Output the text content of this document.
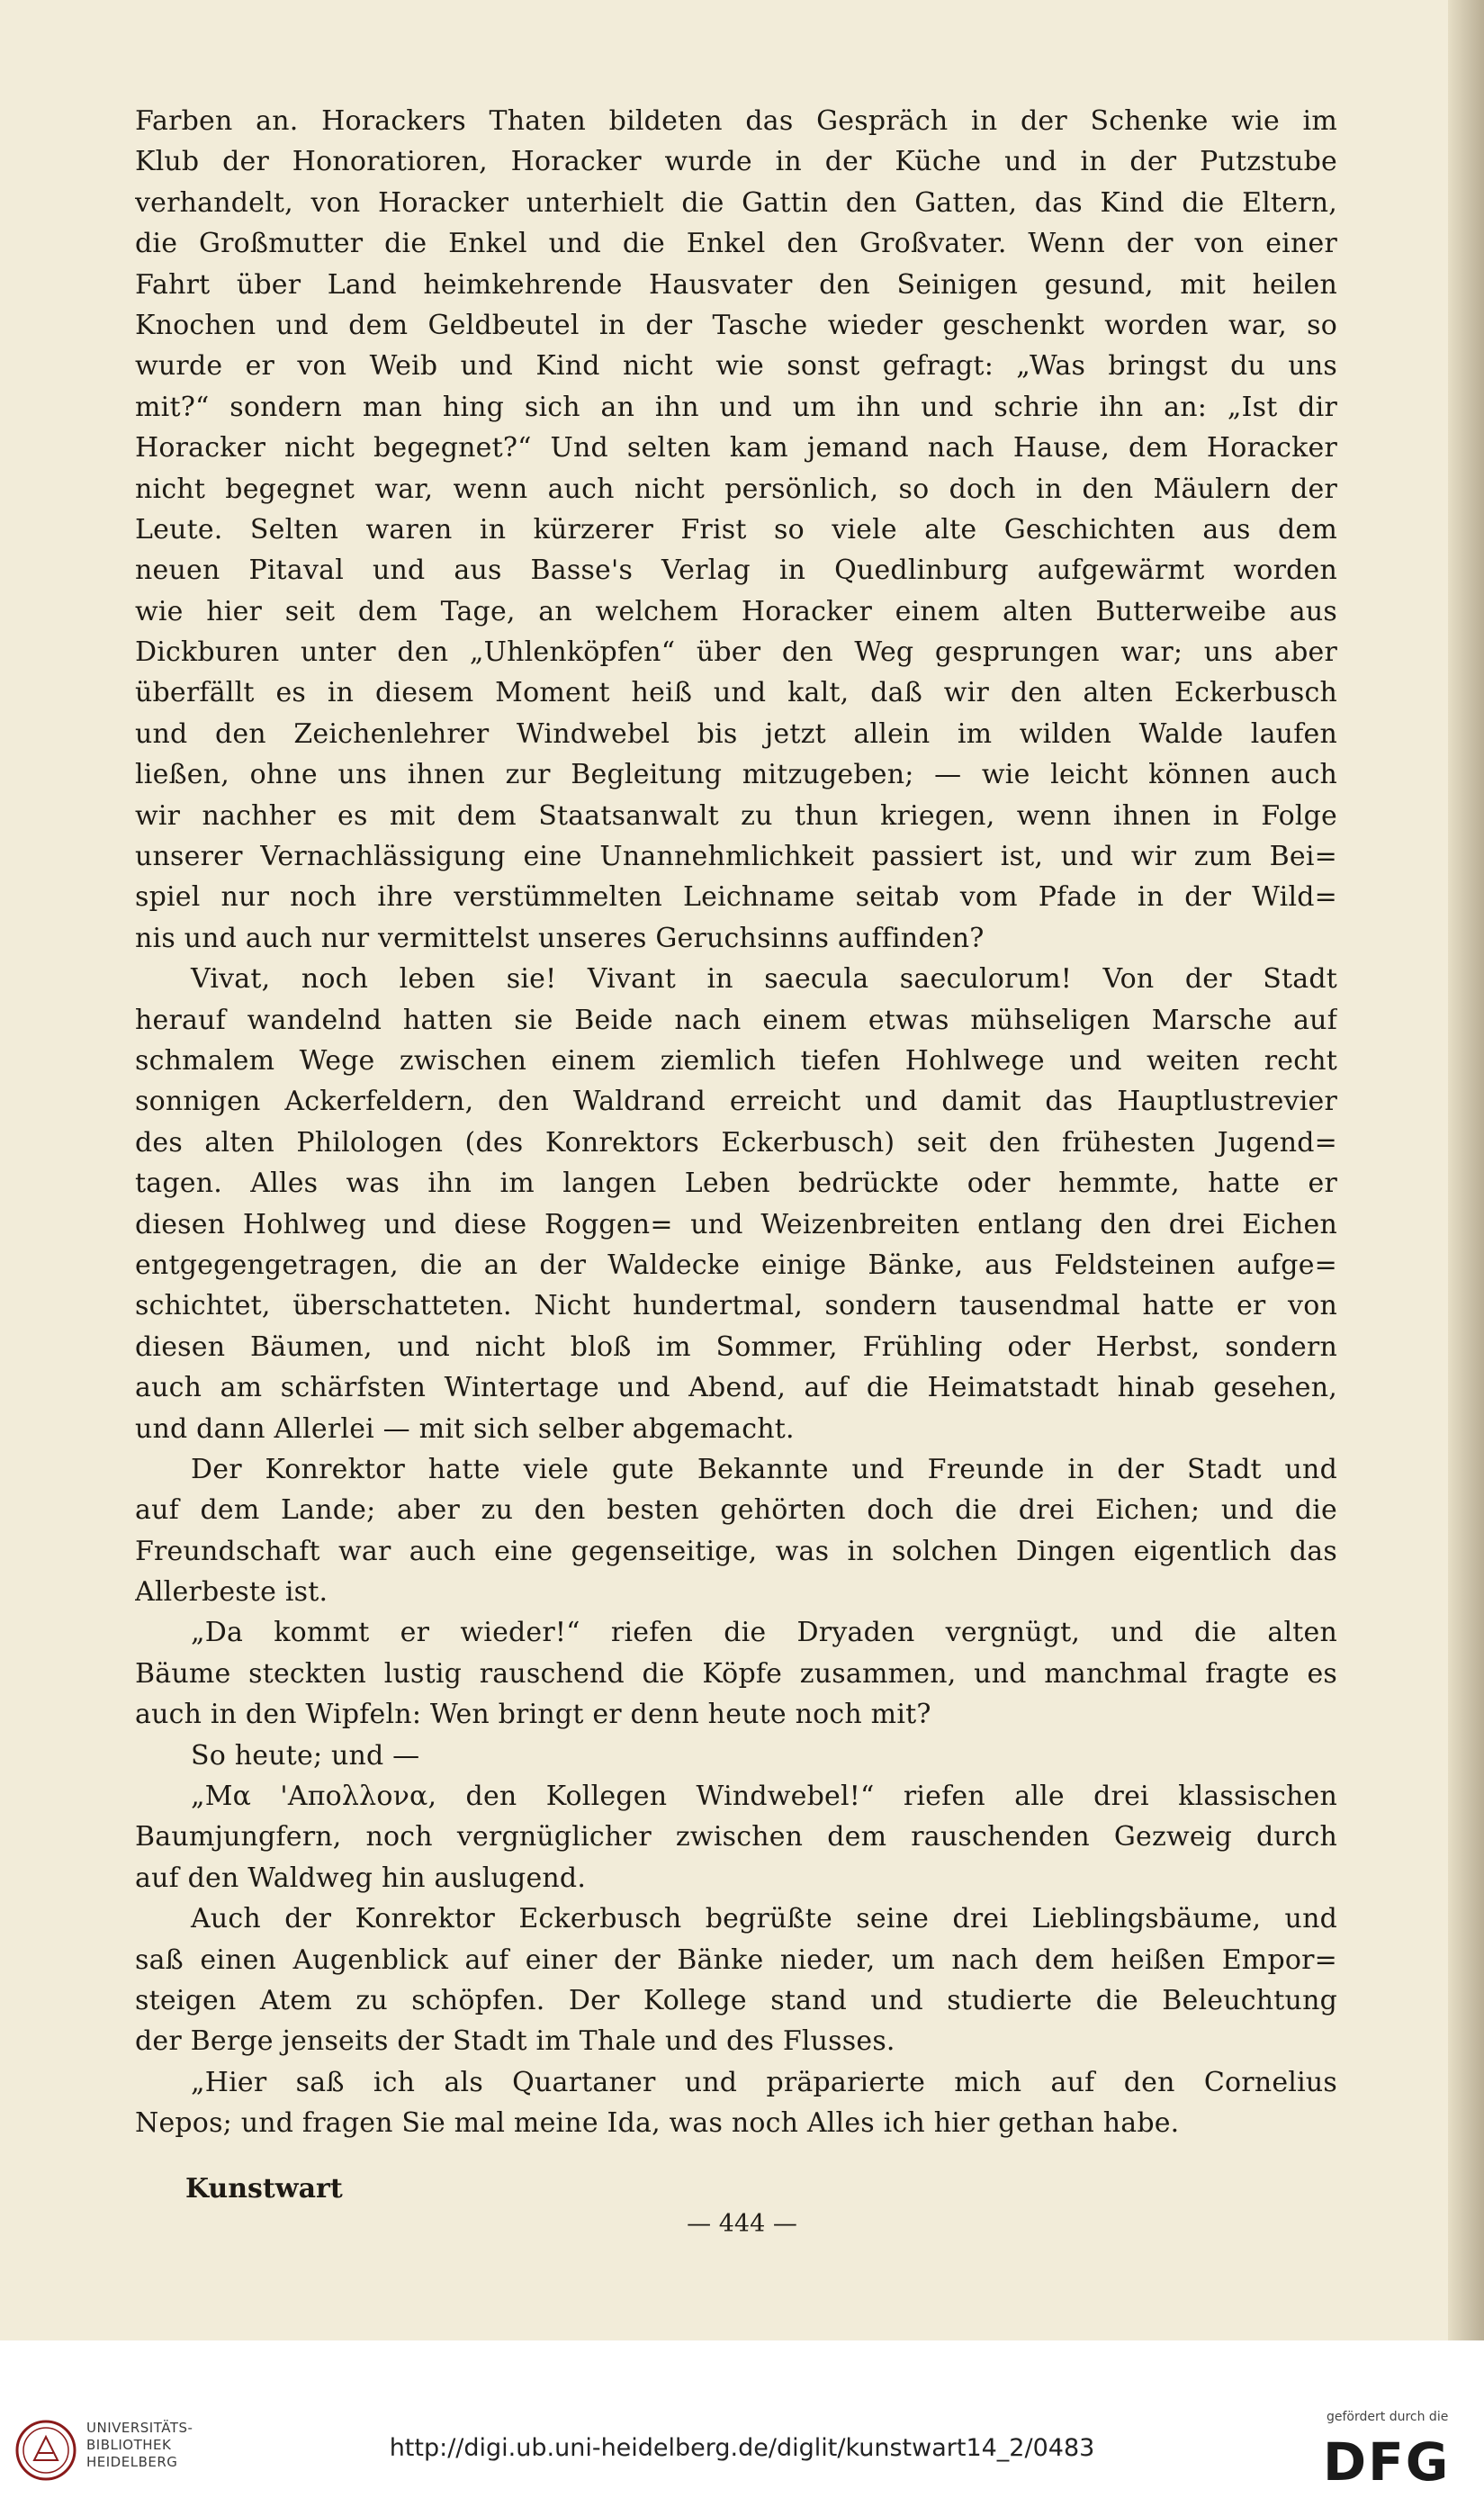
Farben an. Horackers Thaten bildeten das Gespräch in der Schenke wie im
Klub der Honoratioren, Horacker wurde in der Küche und in der Putzstube
verhandelt, von Horacker unterhielt die Gattin den Gatten, das Kind die Eltern,
die Großmutter die Enkel und die Enkel den Großvater. Wenn der von einer
Fahrt über Land heimkehrende Hausvater den Seinigen gesund, mit heilen
Knochen und dem Geldbeutel in der Tasche wieder geschenkt worden war, so
wurde er von Weib und Kind nicht wie sonst gefragt: „Was bringst du uns
mit?“ sondern man hing sich an ihn und um ihn und schrie ihn an: „Ist dir
Horacker nicht begegnet?“ Und selten kam jemand nach Hause, dem Horacker
nicht begegnet war, wenn auch nicht persönlich, so doch in den Mäulern der
Leute. Selten waren in kürzerer Frist so viele alte Geschichten aus dem
neuen Pitaval und aus Basse's Verlag in Quedlinburg aufgewärmt worden
wie hier seit dem Tage, an welchem Horacker einem alten Butterweibe aus
Dickburen unter den „Uhlenköpfen“ über den Weg gesprungen war; uns aber
überfällt es in diesem Moment heiß und kalt, daß wir den alten Eckerbusch
und den Zeichenlehrer Windwebel bis jetzt allein im wilden Walde laufen
ließen, ohne uns ihnen zur Begleitung mitzugeben; — wie leicht können auch
wir nachher es mit dem Staatsanwalt zu thun kriegen, wenn ihnen in Folge
unserer Vernachlässigung eine Unannehmlichkeit passiert ist, und wir zum Bei=
spiel nur noch ihre verstümmelten Leichname seitab vom Pfade in der Wild=
nis und auch nur vermittelst unseres Geruchsinns auffinden?
Vivat, noch leben sie! Vivant in saecula saeculorum! Von der Stadt
herauf wandelnd hatten sie Beide nach einem etwas mühseligen Marsche auf
schmalem Wege zwischen einem ziemlich tiefen Hohlwege und weiten recht
sonnigen Ackerfeldern, den Waldrand erreicht und damit das Hauptlustrevier
des alten Philologen (des Konrektors Eckerbusch) seit den frühesten Jugend=
tagen. Alles was ihn im langen Leben bedrückte oder hemmte, hatte er
diesen Hohlweg und diese Roggen= und Weizenbreiten entlang den drei Eichen
entgegengetragen, die an der Waldecke einige Bänke, aus Feldsteinen aufge=
schichtet, überschatteten. Nicht hundertmal, sondern tausendmal hatte er von
diesen Bäumen, und nicht bloß im Sommer, Frühling oder Herbst, sondern
auch am schärfsten Wintertage und Abend, auf die Heimatstadt hinab gesehen,
und dann Allerlei — mit sich selber abgemacht.
Der Konrektor hatte viele gute Bekannte und Freunde in der Stadt und
auf dem Lande; aber zu den besten gehörten doch die drei Eichen; und die
Freundschaft war auch eine gegenseitige, was in solchen Dingen eigentlich das
Allerbeste ist.
„Da kommt er wieder!“ riefen die Dryaden vergnügt, und die alten
Bäume steckten lustig rauschend die Köpfe zusammen, und manchmal fragte es
auch in den Wipfeln: Wen bringt er denn heute noch mit?
So heute; und —
„Μα 'Απολλονα, den Kollegen Windwebel!“ riefen alle drei klassischen
Baumjungfern, noch vergnüglicher zwischen dem rauschenden Gezweig durch
auf den Waldweg hin auslugend.
Auch der Konrektor Eckerbusch begrüßte seine drei Lieblingsbäume, und
saß einen Augenblick auf einer der Bänke nieder, um nach dem heißen Empor=
steigen Atem zu schöpfen. Der Kollege stand und studierte die Beleuchtung
der Berge jenseits der Stadt im Thale und des Flusses.
„Hier saß ich als Quartaner und präparierte mich auf den Cornelius
Nepos; und fragen Sie mal meine Ida, was noch Alles ich hier gethan habe.
Kunstwart
— 444 —
UNIVERSITÄTS-
BIBLIOTHEK
HEIDELBERG	http://digi.ub.uni-heidelberg.de/diglit/kunstwart14_2/0483
gefördert durch die
DFG
